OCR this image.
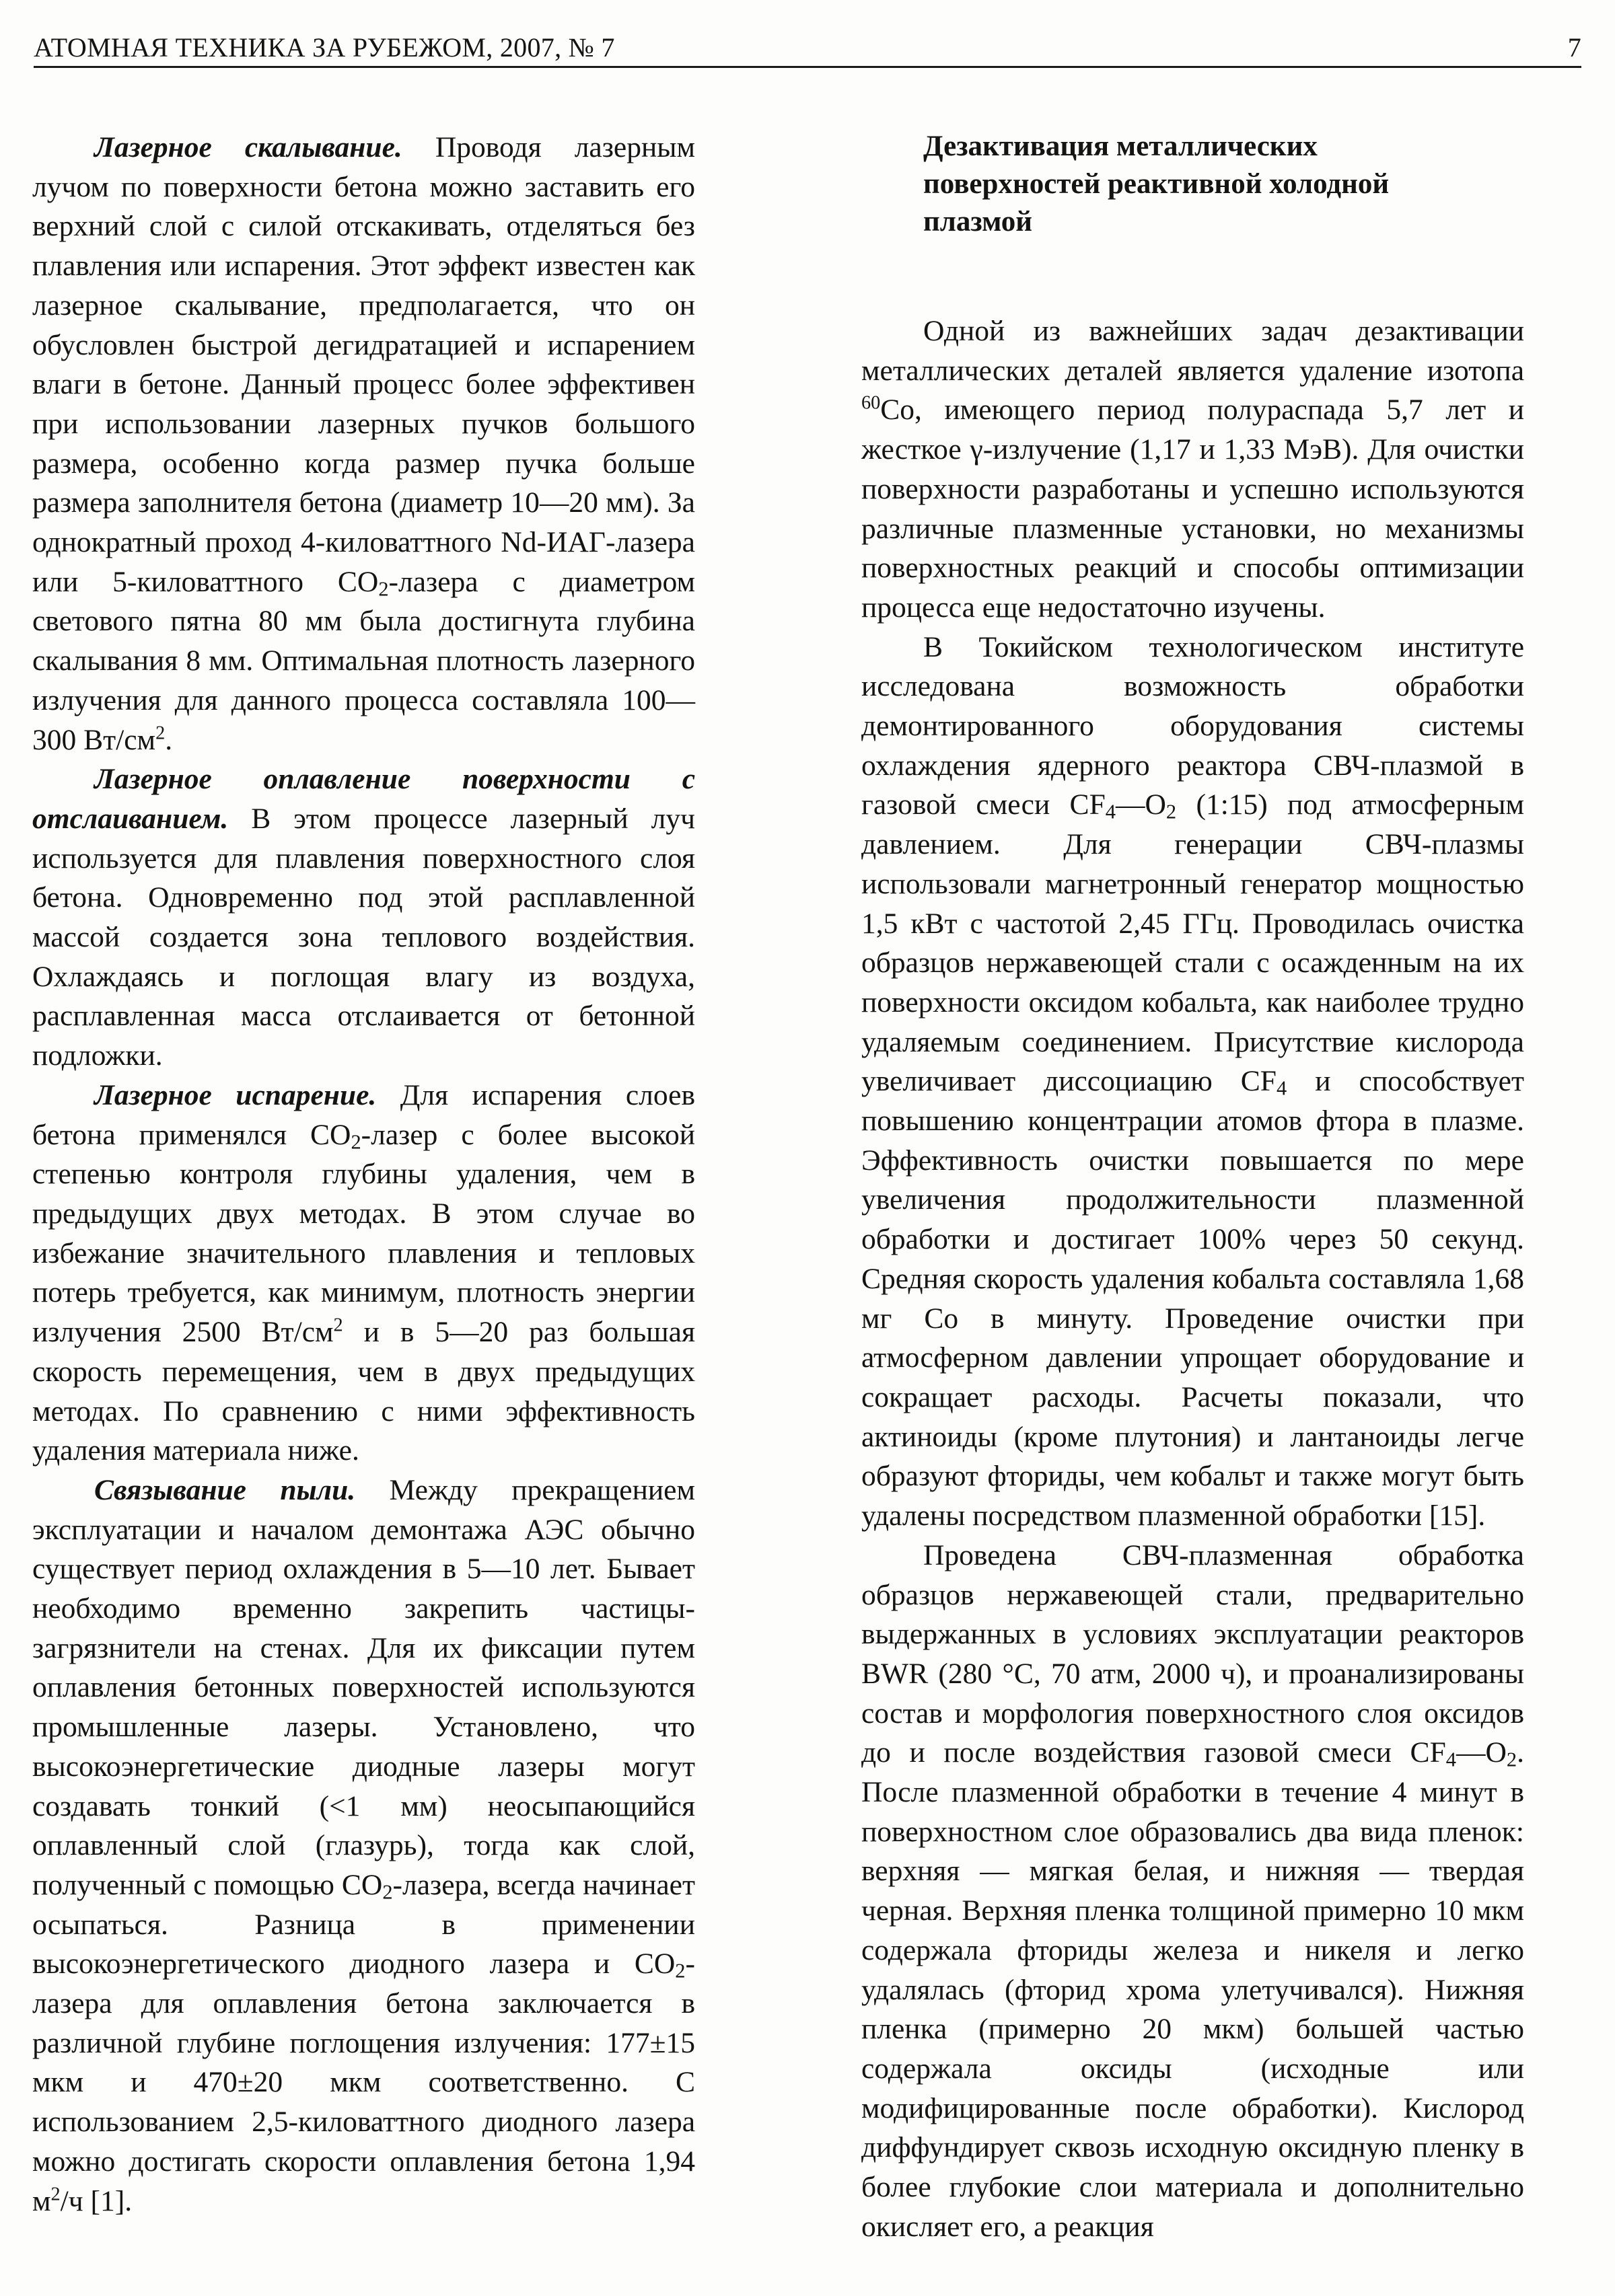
АТОМНАЯ ТЕХНИКА ЗА РУБЕЖОМ, 2007, № 7	7

Лазерное скалывание. Проводя лазерным лучом по поверхности бетона можно заставить его верхний слой с силой отскакивать, отделяться без плавления или испарения. Этот эффект известен как лазерное скалывание, предполагается, что он обусловлен быстрой дегидратацией и испарением влаги в бетоне. Данный процесс более эффективен при использовании лазерных пучков большого размера, особенно когда размер пучка больше размера заполнителя бетона (диаметр 10—20 мм). За однократный проход 4-киловаттного Nd-ИАГ-лазера или 5-киловаттного $СО_2$-лазера с диаметром светового пятна 80 мм была достигнута глубина скалывания 8 мм. Оптимальная плотность лазерного излучения для данного процесса составляла 100—300 $Вт/см^2$.

Лазерное оплавление поверхности с отслаиванием. В этом процессе лазерный луч используется для плавления поверхностного слоя бетона. Одновременно под этой расплавленной массой создается зона теплового воздействия. Охлаждаясь и поглощая влагу из воздуха, расплавленная масса отслаивается от бетонной подложки.

Лазерное испарение. Для испарения слоев бетона применялся $СО_2$-лазер с более высокой степенью контроля глубины удаления, чем в предыдущих двух методах. В этом случае во избежание значительного плавления и тепловых потерь требуется, как минимум, плотность энергии излучения 2500 $Вт/см^2$ и в 5—20 раз большая скорость перемещения, чем в двух предыдущих методах. По сравнению с ними эффективность удаления материала ниже.

Связывание пыли. Между прекращением эксплуатации и началом демонтажа АЭС обычно существует период охлаждения в 5—10 лет. Бывает необходимо временно закрепить частицы-загрязнители на стенах. Для их фиксации путем оплавления бетонных поверхностей используются промышленные лазеры. Установлено, что высокоэнергетические диодные лазеры могут создавать тонкий (<1 мм) неосыпающийся оплавленный слой (глазурь), тогда как слой, полученный с помощью $СО_2$-лазера, всегда начинает осыпаться. Разница в применении высокоэнергетического диодного лазера и $СО_2$-лазера для оплавления бетона заключается в различной глубине поглощения излучения: 177±15 мкм и 470±20 мкм соответственно. С использованием 2,5-киловаттного диодного лазера можно достигать скорости оплавления бетона 1,94 $м^2/ч$ [1].

Дезактивация металлических поверхностей реактивной холодной плазмой

Одной из важнейших задач дезактивации металлических деталей является удаление изотопа $^{60}$Со, имеющего период полураспада 5,7 лет и жесткое γ-излучение (1,17 и 1,33 МэВ). Для очистки поверхности разработаны и успешно используются различные плазменные установки, но механизмы поверхностных реакций и способы оптимизации процесса еще недостаточно изучены.

В Токийском технологическом институте исследована возможность обработки демонтированного оборудования системы охлаждения ядерного реактора СВЧ-плазмой в газовой смеси $CF_4—O_2$ (1:15) под атмосферным давлением. Для генерации СВЧ-плазмы использовали магнетронный генератор мощностью 1,5 кВт с частотой 2,45 ГГц. Проводилась очистка образцов нержавеющей стали с осажденным на их поверхности оксидом кобальта, как наиболее трудно удаляемым соединением. Присутствие кислорода увеличивает диссоциацию $CF_4$ и способствует повышению концентрации атомов фтора в плазме. Эффективность очистки повышается по мере увеличения продолжительности плазменной обработки и достигает 100% через 50 секунд. Средняя скорость удаления кобальта составляла 1,68 мг Со в минуту. Проведение очистки при атмосферном давлении упрощает оборудование и сокращает расходы. Расчеты показали, что актиноиды (кроме плутония) и лантаноиды легче образуют фториды, чем кобальт и также могут быть удалены посредством плазменной обработки [15].

Проведена СВЧ-плазменная обработка образцов нержавеющей стали, предварительно выдержанных в условиях эксплуатации реакторов BWR (280 °С, 70 атм, 2000 ч), и проанализированы состав и морфология поверхностного слоя оксидов до и после воздействия газовой смеси $CF_4—O_2$. После плазменной обработки в течение 4 минут в поверхностном слое образовались два вида пленок: верхняя — мягкая белая, и нижняя — твердая черная. Верхняя пленка толщиной примерно 10 мкм содержала фториды железа и никеля и легко удалялась (фторид хрома улетучивался). Нижняя пленка (примерно 20 мкм) большей частью содержала оксиды (исходные или модифицированные после обработки). Кислород диффундирует сквозь исходную оксидную пленку в более глубокие слои материала и дополнительно окисляет его, а реакция
